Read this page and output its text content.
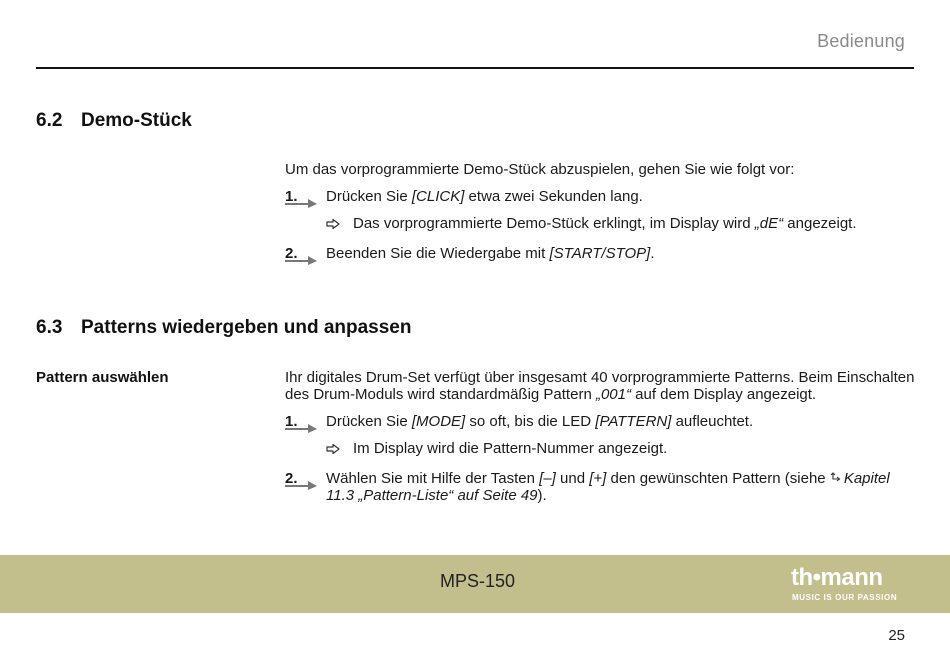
Bedienung
6.2 Demo-Stück
Um das vorprogrammierte Demo-Stück abzuspielen, gehen Sie wie folgt vor:
1.	Drücken Sie [CLICK] etwa zwei Sekunden lang.
Das vorprogrammierte Demo-Stück erklingt, im Display wird „dE“ angezeigt.
2.	Beenden Sie die Wiedergabe mit [START/STOP].
6.3 Patterns wiedergeben und anpassen
Pattern auswählen	Ihr digitales Drum-Set verfügt über insgesamt 40 vorprogrammierte Patterns. Beim Einschalten des Drum-Moduls wird standardmäßig Pattern „001“ auf dem Display angezeigt.
1.	Drücken Sie [MODE] so oft, bis die LED [PATTERN] aufleuchtet.
Im Display wird die Pattern-Nummer angezeigt.
2.	Wählen Sie mit Hilfe der Tasten [–] und [+] den gewünschten Pattern (siehe Kapitel 11.3 „Pattern-Liste“ auf Seite 49).
MPS-150	th•mann
MUSIC IS OUR PASSION
25
